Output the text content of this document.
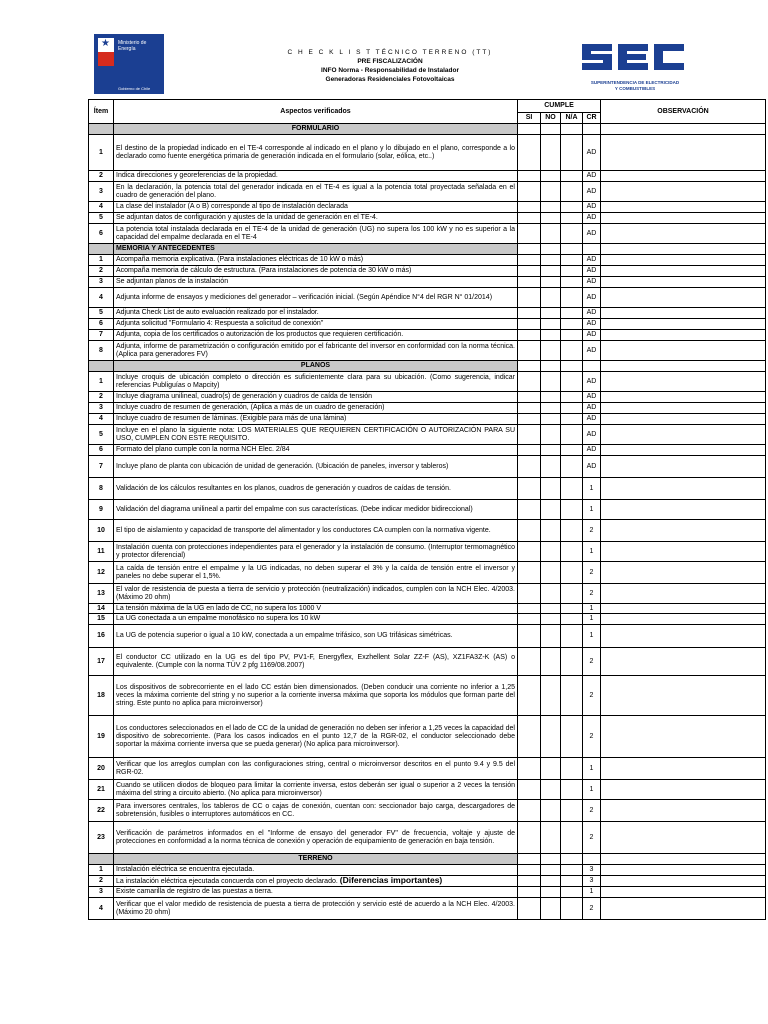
★ Ministerio de
Energía
Gobierno de Chile
C H E C K L I S T TÉCNICO TERRENO (TT)
PRE FISCALIZACIÓN
INFO Norma - Responsabilidad de Instalador
Generadoras Residenciales Fotovoltaicas
SEC
SUPERINTENDENCIA DE ELECTRICIDAD
Y COMBUSTIBLES
Ítem	Aspectos verificados	CUMPLE				OBSERVACIÓN
		SI	NO	N/A	CR	
	FORMULARIO					
1	El destino de la propiedad indicado en el TE-4 corresponde al indicado en el plano y lo dibujado en el plano, corresponde a lo declarado como fuente energética primaria de generación indicada en el formulario (solar, eólica, etc..)				AD	
2	Indica direcciones y georeferencias de la propiedad.				AD	
3	En la declaración, la potencia total del generador indicada en el TE-4 es igual a la potencia total proyectada señalada en el cuadro de generación del plano.				AD	
4	La clase del instalador (A o B) corresponde al tipo de instalación declarada				AD	
5	Se adjuntan datos de configuración y ajustes de la unidad de generación en el TE-4.				AD	
6	La potencia total instalada declarada en el TE-4 de la unidad de generación (UG) no supera los 100 kW y no es superior a la capacidad del empalme declarada en el TE-4				AD	
	MEMORIA Y ANTECEDENTES					
1	Acompaña memoria explicativa. (Para instalaciones eléctricas de 10 kW o más)				AD	
2	Acompaña memoria de cálculo de estructura. (Para instalaciones de potencia de 30 kW o más)				AD	
3	Se adjuntan planos de la instalación				AD	
4	Adjunta informe de ensayos y mediciones del generador – verificación inicial. (Según Apéndice N°4 del RGR N° 01/2014)				AD	
5	Adjunta Check List de auto evaluación realizado por el instalador.				AD	
6	Adjunta solicitud "Formulario 4: Respuesta a solicitud de conexión"				AD	
7	Adjunta, copia de los certificados o autorización de los productos que requieren certificación.				AD	
8	Adjunta, informe de parametrización o configuración emitido por el fabricante del inversor en conformidad con la norma técnica. (Aplica para generadores FV)				AD	
	PLANOS					
1	Incluye croquis de ubicación completo o dirección es suficientemente clara para su ubicación. (Como sugerencia, indicar referencias Publiguías o Mapcity)				AD	
2	Incluye diagrama unilineal, cuadro(s) de generación y cuadros de caída de tensión				AD	
3	Incluye cuadro de resumen de generación, (Aplica a más de un cuadro de generación)				AD	
4	Incluye cuadro de resumen de láminas. (Exigible para más de una lámina)				AD	
5	Incluye en el plano la siguiente nota: LOS MATERIALES QUE REQUIEREN CERTIFICACIÓN O AUTORIZACIÓN PARA SU USO, CUMPLEN CON ESTE REQUISITO.				AD	
6	Formato del plano cumple con la norma NCH Elec. 2/84				AD	
7	Incluye plano de planta con ubicación de unidad de generación. (Ubicación de paneles, inversor y tableros)				AD	
8	Validación de los cálculos resultantes en los planos, cuadros de generación y cuadros de caídas de tensión.				1	
9	Validación del diagrama unilineal a partir del empalme con sus características. (Debe indicar medidor bidireccional)				1	
10	El tipo de aislamiento y capacidad de transporte del alimentador y los conductores CA cumplen con la normativa vigente.				2	
11	Instalación cuenta con protecciones independientes para el generador y la instalación de consumo. (Interruptor termomagnético y protector diferencial)				1	
12	La caída de tensión entre el empalme y la UG indicadas, no deben superar el 3% y la caída de tensión entre el inversor y paneles no debe superar el 1,5%.				2	
13	El valor de resistencia de puesta a tierra de servicio y protección (neutralización) indicados, cumplen con la NCH Elec. 4/2003. (Máximo 20 ohm)				2	
14	La tensión máxima de la UG en lado de CC, no supera los 1000 V				1	
15	La UG conectada a un empalme monofásico no supera los 10 kW				1	
16	La UG de potencia superior o igual a 10 kW, conectada a un empalme trifásico, son UG trifásicas simétricas.				1	
17	El conductor CC utilizado en la UG es del tipo PV, PV1-F, Energyflex, Exzhellent Solar ZZ-F (AS), XZ1FA3Z-K (AS) o equivalente. (Cumple con la norma TÜV 2 pfg 1169/08.2007)				2	
18	Los dispositivos de sobrecorriente en el lado CC están bien dimensionados. (Deben conducir una corriente no inferior a 1,25 veces la máxima corriente del string y no superior a la corriente inversa máxima que soporta los módulos que forman parte del string. Este punto no aplica para microinversor)				2	
19	Los conductores seleccionados en el lado de CC de la unidad de generación no deben ser inferior a 1,25 veces la capacidad del dispositivo de sobrecorriente. (Para los casos indicados en el punto 12,7 de la RGR-02, el conductor seleccionado debe soportar la máxima corriente inversa que se pueda generar) (No aplica para microinversor).				2	
20	Verificar que los arreglos cumplan con las configuraciones string, central o microinversor descritos en el punto 9.4 y 9.5 del RGR-02.				1	
21	Cuando se utilicen diodos de bloqueo para limitar la corriente inversa, estos deberán ser igual o superior a 2 veces la tensión máxima del string a circuito abierto. (No aplica para microinversor)				1	
22	Para inversores centrales, los tableros de CC o cajas de conexión, cuentan con: seccionador bajo carga, descargadores de sobretensión, fusibles o interruptores automáticos en CC.				2	
23	Verificación de parámetros informados en el "Informe de ensayo del generador FV" de frecuencia, voltaje y ajuste de protecciones en conformidad a la norma técnica de conexión y operación de equipamiento de generación en baja tensión.				2	
	TERRENO					
1	Instalación eléctrica se encuentra ejecutada.				3	
2	La instalación eléctrica ejecutada concuerda con el proyecto declarado. (Diferencias importantes)				3	
3	Existe camarilla de registro de las puestas a tierra.				1	
4	Verificar que el valor medido de resistencia de puesta a tierra de protección y servicio esté de acuerdo a la NCH Elec. 4/2003. (Máximo 20 ohm)				2	
